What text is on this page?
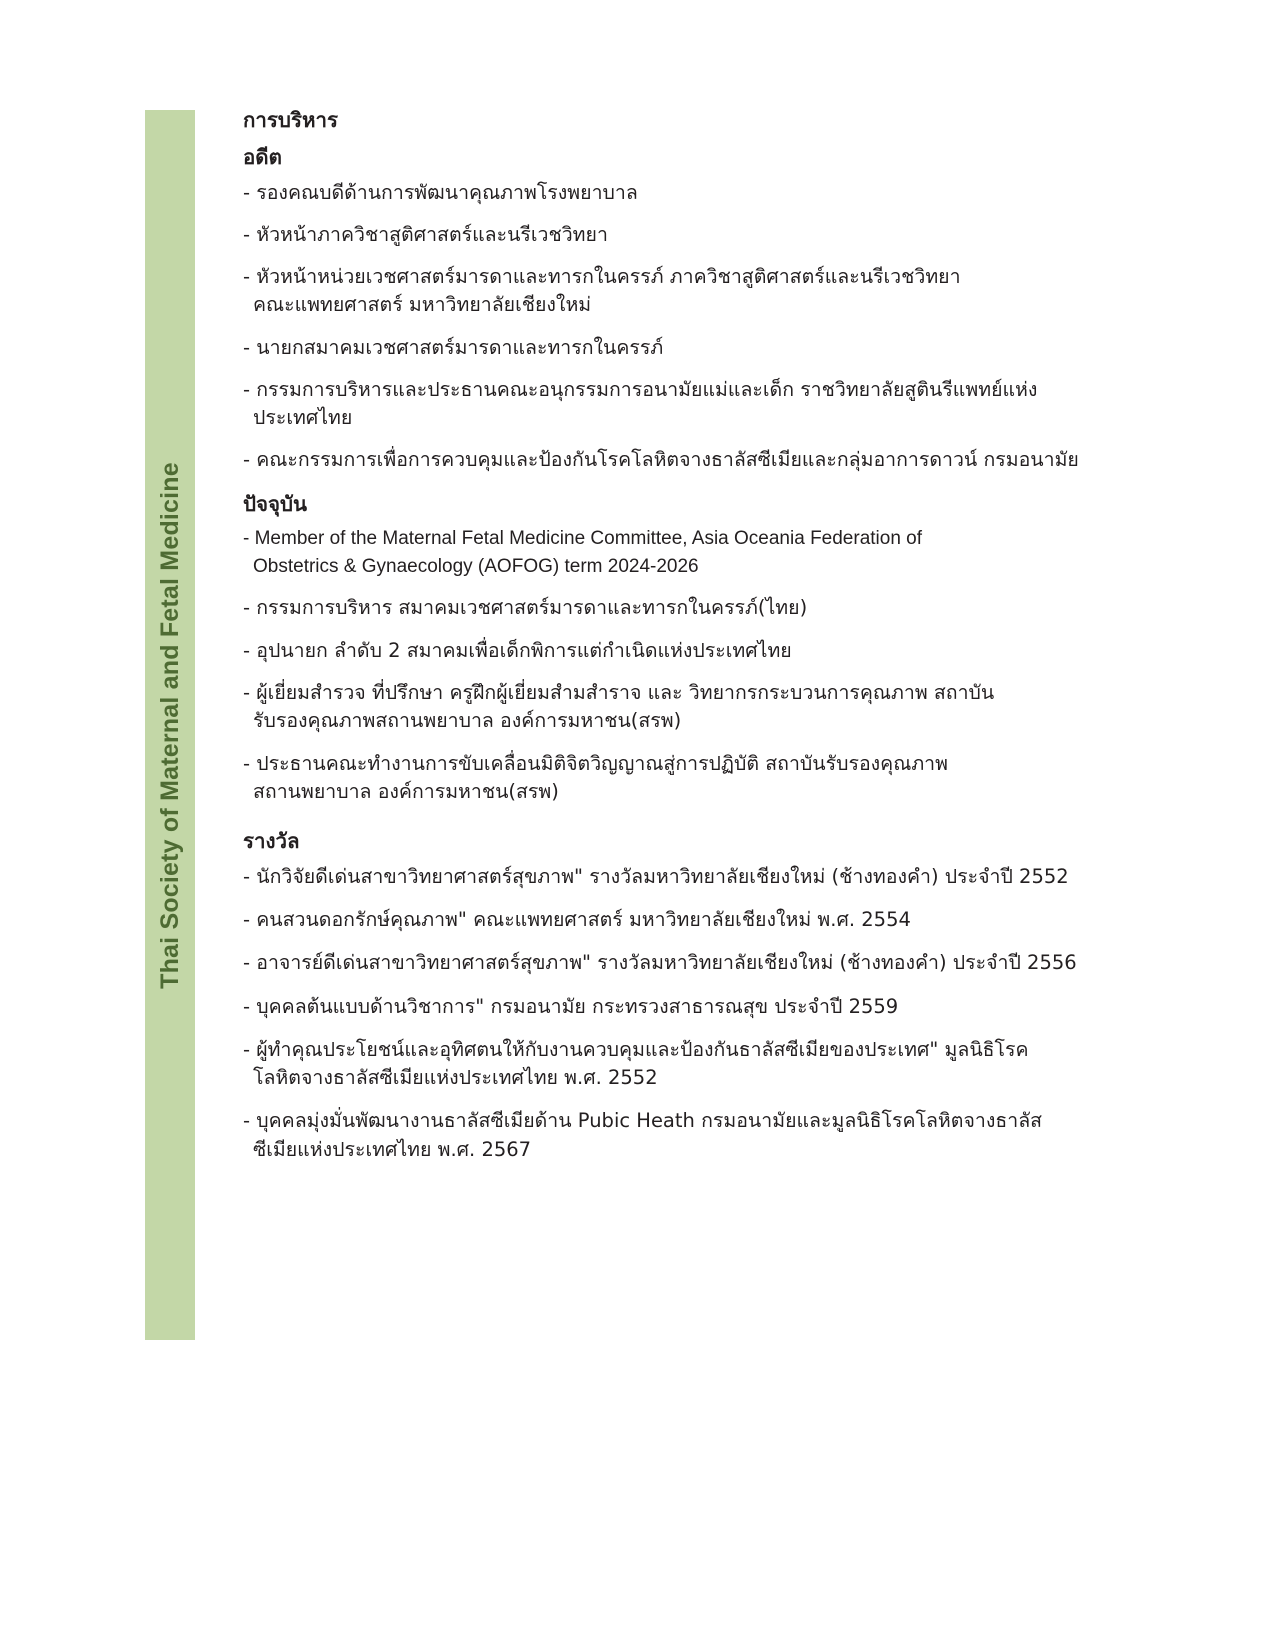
Thai Society of Maternal and Fetal Medicine
การบริหาร
อดีต

- รองคณบดีด้านการพัฒนาคุณภาพโรงพยาบาล

- หัวหน้าภาควิชาสูติศาสตร์และนรีเวชวิทยา

- หัวหน้าหน่วยเวชศาสตร์มารดาและทารกในครรภ์ ภาควิชาสูติศาสตร์และนรีเวชวิทยา
คณะแพทยศาสตร์ มหาวิทยาลัยเชียงใหม่

- นายกสมาคมเวชศาสตร์มารดาและทารกในครรภ์

- กรรมการบริหารและประธานคณะอนุกรรมการอนามัยแม่และเด็ก ราชวิทยาลัยสูตินรีแพทย์แห่ง
ประเทศไทย

- คณะกรรมการเพื่อการควบคุมและป้องกันโรคโลหิตจางธาลัสซีเมียและกลุ่มอาการดาวน์ กรมอนามัย

ปัจจุบัน

- Member of the Maternal Fetal Medicine Committee, Asia Oceania Federation of
Obstetrics & Gynaecology (AOFOG) term 2024-2026

- กรรมการบริหาร สมาคมเวชศาสตร์มารดาและทารกในครรภ์(ไทย)

- อุปนายก ลำดับ 2 สมาคมเพื่อเด็กพิการแต่กำเนิดแห่งประเทศไทย

- ผู้เยี่ยมสำรวจ ที่ปรึกษา ครูฝึกผู้เยี่ยมสำมสำราจ และ วิทยากรกระบวนการคุณภาพ สถาบัน
รับรองคุณภาพสถานพยาบาล องค์การมหาชน(สรพ)

- ประธานคณะทำงานการขับเคลื่อนมิติจิตวิญญาณสู่การปฏิบัติ สถาบันรับรองคุณภาพ
สถานพยาบาล องค์การมหาชน(สรพ)

รางวัล

- นักวิจัยดีเด่นสาขาวิทยาศาสตร์สุขภาพ" รางวัลมหาวิทยาลัยเชียงใหม่ (ช้างทองคำ) ประจำปี 2552

- คนสวนดอกรักษ์คุณภาพ" คณะแพทยศาสตร์ มหาวิทยาลัยเชียงใหม่ พ.ศ. 2554

- อาจารย์ดีเด่นสาขาวิทยาศาสตร์สุขภาพ" รางวัลมหาวิทยาลัยเชียงใหม่ (ช้างทองคำ) ประจำปี 2556

- บุคคลต้นแบบด้านวิชาการ" กรมอนามัย กระทรวงสาธารณสุข ประจำปี 2559

- ผู้ทำคุณประโยชน์และอุทิศตนให้กับงานควบคุมและป้องกันธาลัสซีเมียของประเทศ" มูลนิธิโรค
โลหิตจางธาลัสซีเมียแห่งประเทศไทย พ.ศ. 2552

- บุคคลมุ่งมั่นพัฒนางานธาลัสซีเมียด้าน Pubic Heath กรมอนามัยและมูลนิธิโรคโลหิตจางธาลัส
ซีเมียแห่งประเทศไทย พ.ศ. 2567
